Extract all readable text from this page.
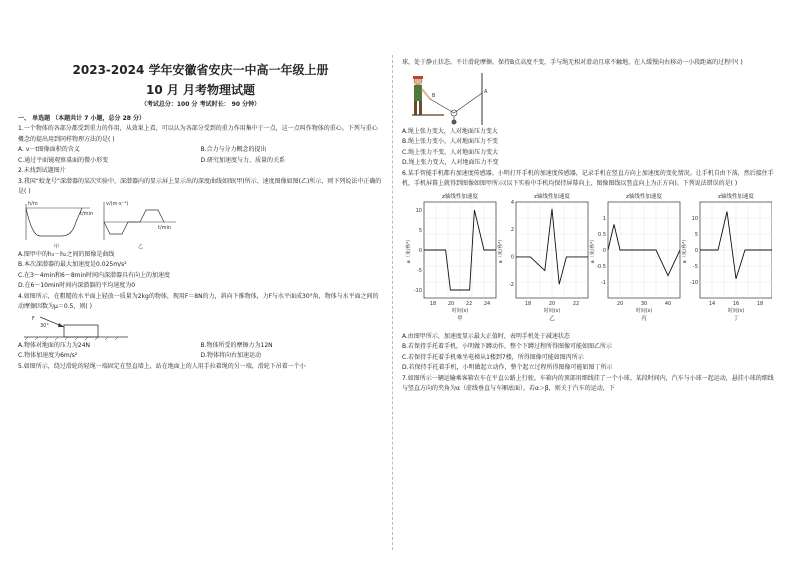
2023-2024 学年安徽省安庆一中高一年级上册
10 月 月考物理试题
（考试总分：100 分 考试时长： 90 分钟）

一、 单选题 （本题共计 7 小题，总分 28 分）

1.一个物体的各部分都受到重力的作用，从效果上看，可以认为各部分受到的重力作用集中于一点，这一点叫作物体的重心。下列与重心概念的提出用到同样物理方法的是( )

A. v－t图像面积的含义	B.合力与分力概念的提出
C.通过平面镜观察桌面的微小形变	D.研究加速度与力、质量的关系

2.未找到试题图片

3.我国“蛟龙号”深潜器的某次实验中，深潜器内的显示屏上显示出的深度曲线如图(甲)所示、速度图像如图(乙)所示，则下列说法中正确的是( )

h/m
t/min
甲
v/(m·s⁻¹)
t/min
乙

A.图甲中的h₃－h₂之间的图像是曲线

B.本次深潜器的最大加速度是0.025m/s²

C.在3～4min和6～8min时间内深潜器具有向上的加速度

D.在6～10min时间内深潜器的平均速度为0

4.如图所示，在粗糙的水平面上轻放一质量为2kg的物体，现用F＝8N的力，斜向下推物体，力F与水平面成30°角，物体与水平面之间的动摩擦因数为μ＝0.5，则( )

F
30°
A.物体对地面的压力为24N	B.物体所受的摩擦力为12N
C.物体加速度为6m/s²	D.物体将向右加速运动

5.如图所示，绕过滑轮的轻绳一端固定在竖直墙上，站在地面上的人用手拉着绳的另一端，滑轮下吊着一个小

球，处于静止状态。不计滑轮摩擦。保持B点高度不变，手与绳无相对滑动且球不触地，在人缓慢向右移动一小段距离的过程中( )

A
B

A.绳上张力变大，人对地面压力变大

B.绳上张力变小，人对地面压力不变

C.绳上张力不变，人对地面压力变大

D.绳上张力变大，人对地面压力不变

6.某手智能手机都有加速度传感器。小明打开手机的加速度传感器，记录手机在竖直方向上加速度的变化情况。让手机自由下落，然后接住手机，手机屏幕上就得到图像如图甲所示(以下实验中手机均保持屏幕向上，图像图线以竖直向上为正方向)。下列说法错误的是( )

z轴线性加速度
10
5
0
-5
-10
18 20 22 24
时间(s)
a（米/秒²）
甲
z轴线性加速度
4
2
0
-2
18	20	22
时间(s)
a（米/秒²）
乙
z轴线性加速度
1
0.5
0
-0.5
-1
20	30	40
时间(s)
a（米/秒²）
丙
z轴线性加速度
10
5
0
-5
-10
14	16	18
时间(s)
a（米/秒²）
丁

A.由图甲所示，加速度显示最大正值时，表明手机处于减速状态

B.若保持手托着手机，小明做下蹲动作，整个下蹲过程所得图像可能如图乙所示

C.若保持手托着手机乘坐电梯从1楼到7楼，所得图像可能如图丙所示

D.若保持手托着手机，小明做起立动作，整个起立过程所得图像可能如图丁所示

7.如图所示一辆运输乘客箱农车在平直公路上行驶。车箱内的顶部用细线挂了一个小球。某段时间内，汽车与小球一起运动，悬挂小球的细线与竖直方向的夹角为α（虚线垂直与车厢底面）。若α＞β，则关于汽车的运动，下
